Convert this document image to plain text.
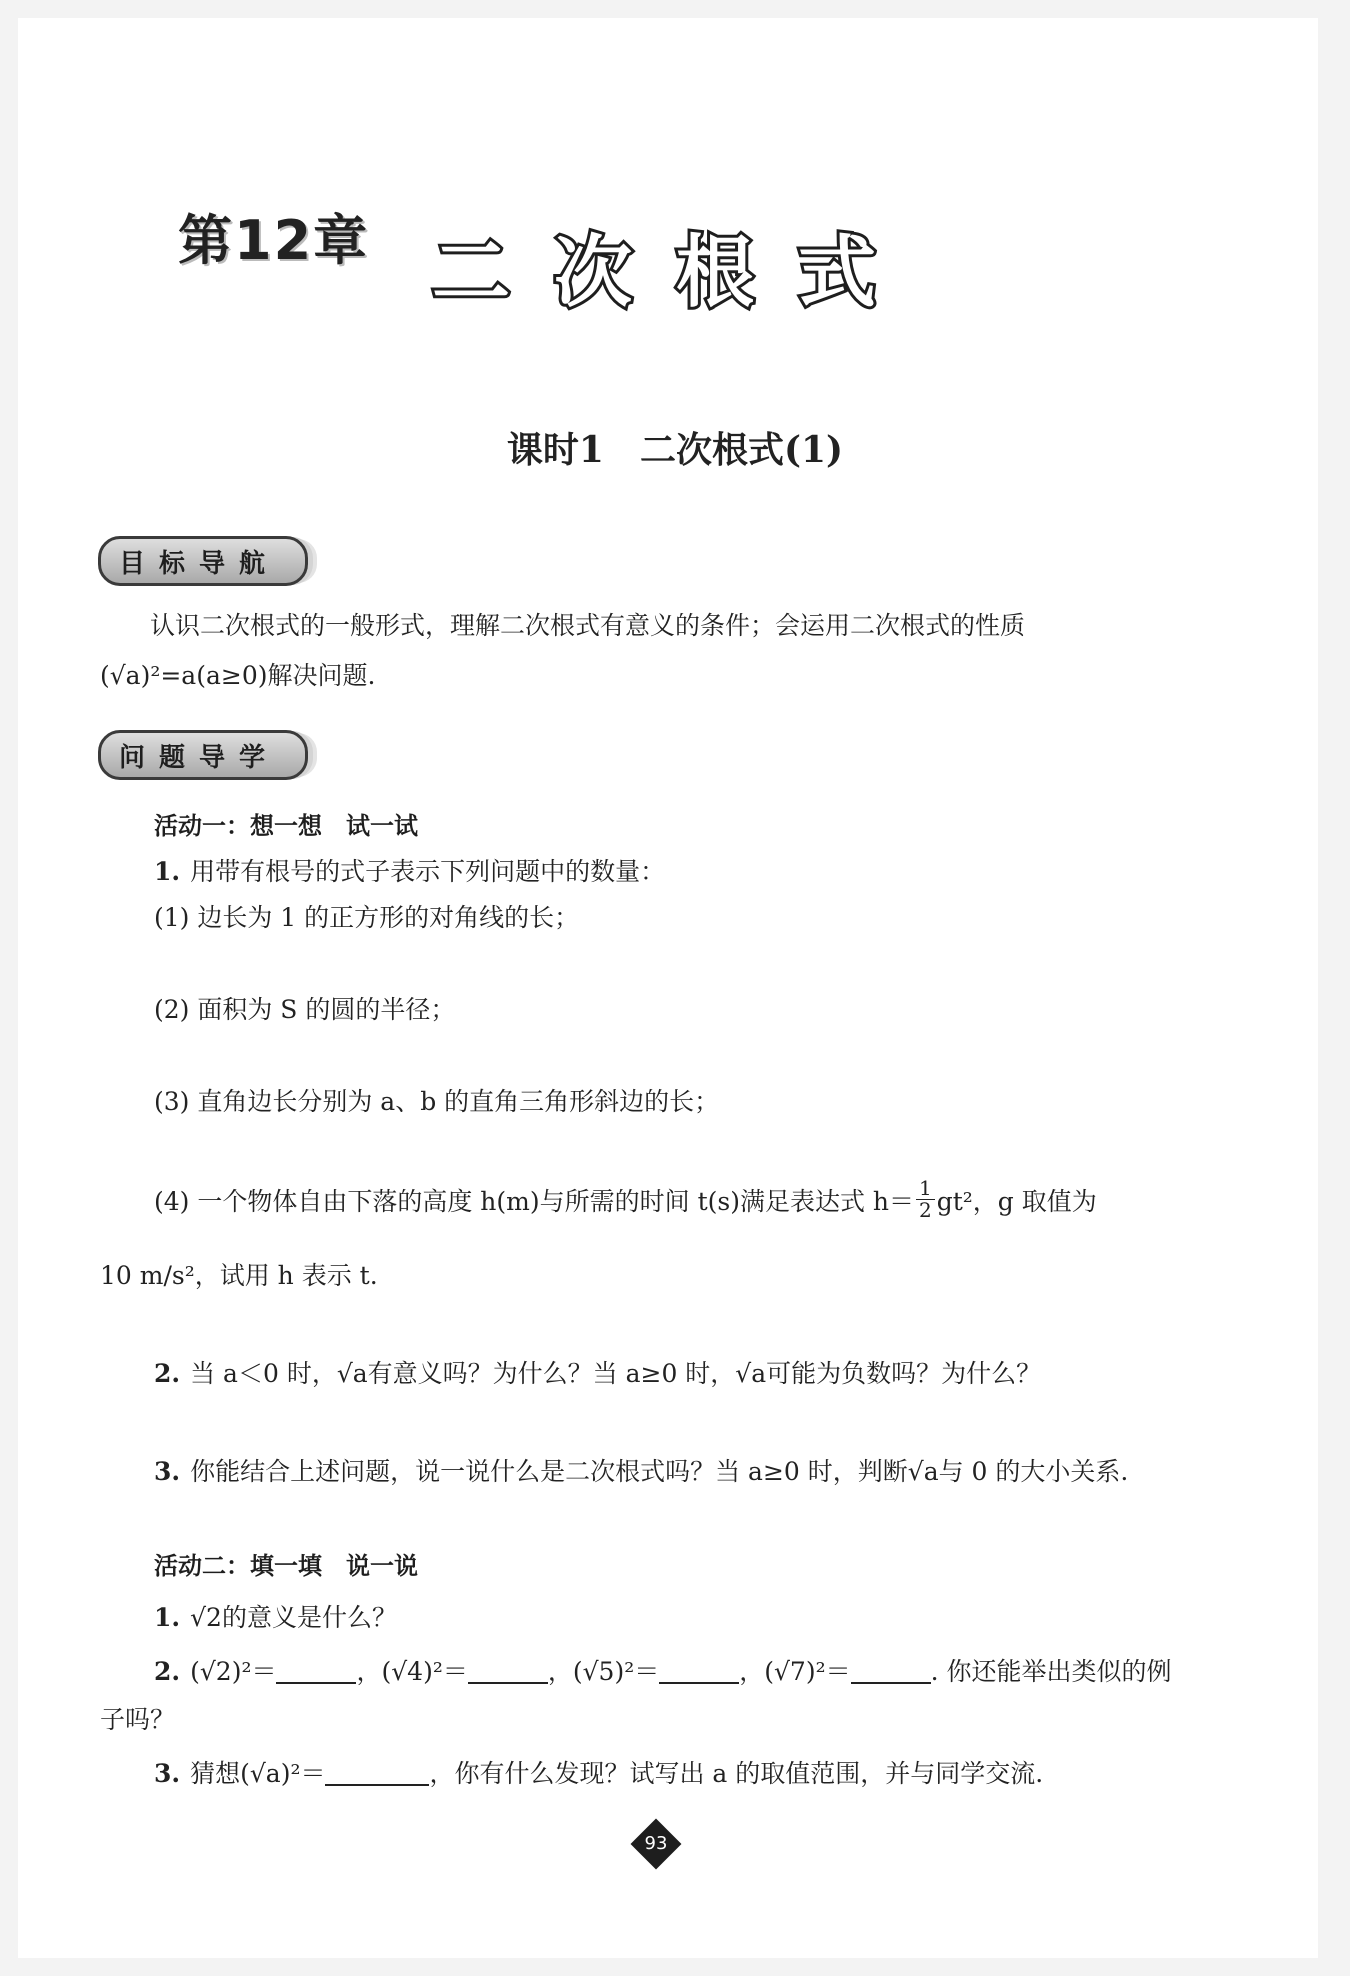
第12章 二次根式
课时1　二次根式(1)
目标导航
认识二次根式的一般形式，理解二次根式有意义的条件；会运用二次根式的性质
(√a)²=a(a≥0)解决问题.
问题导学
活动一：想一想　试一试
1. 用带有根号的式子表示下列问题中的数量：
(1) 边长为 1 的正方形的对角线的长；
(2) 面积为 S 的圆的半径；
(3) 直角边长分别为 a、b 的直角三角形斜边的长；
(4) 一个物体自由下落的高度 h(m)与所需的时间 t(s)满足表达式 $h= \frac{1}{2} gt^2$，g 取值为
10 m/s²，试用 h 表示 t.
2. 当 a＜0 时，√a有意义吗？为什么？当 a≥0 时，√a可能为负数吗？为什么？
3. 你能结合上述问题，说一说什么是二次根式吗？当 a≥0 时，判断√a与 0 的大小关系.
活动二：填一填　说一说
1. √2的意义是什么？
2. (√2)²＝	，(√4)²＝	，(√5)²＝	，(√7)²＝	. 你还能举出类似的例
子吗？
3. 猜想(√a)²＝	，你有什么发现？试写出 a 的取值范围，并与同学交流.
93
